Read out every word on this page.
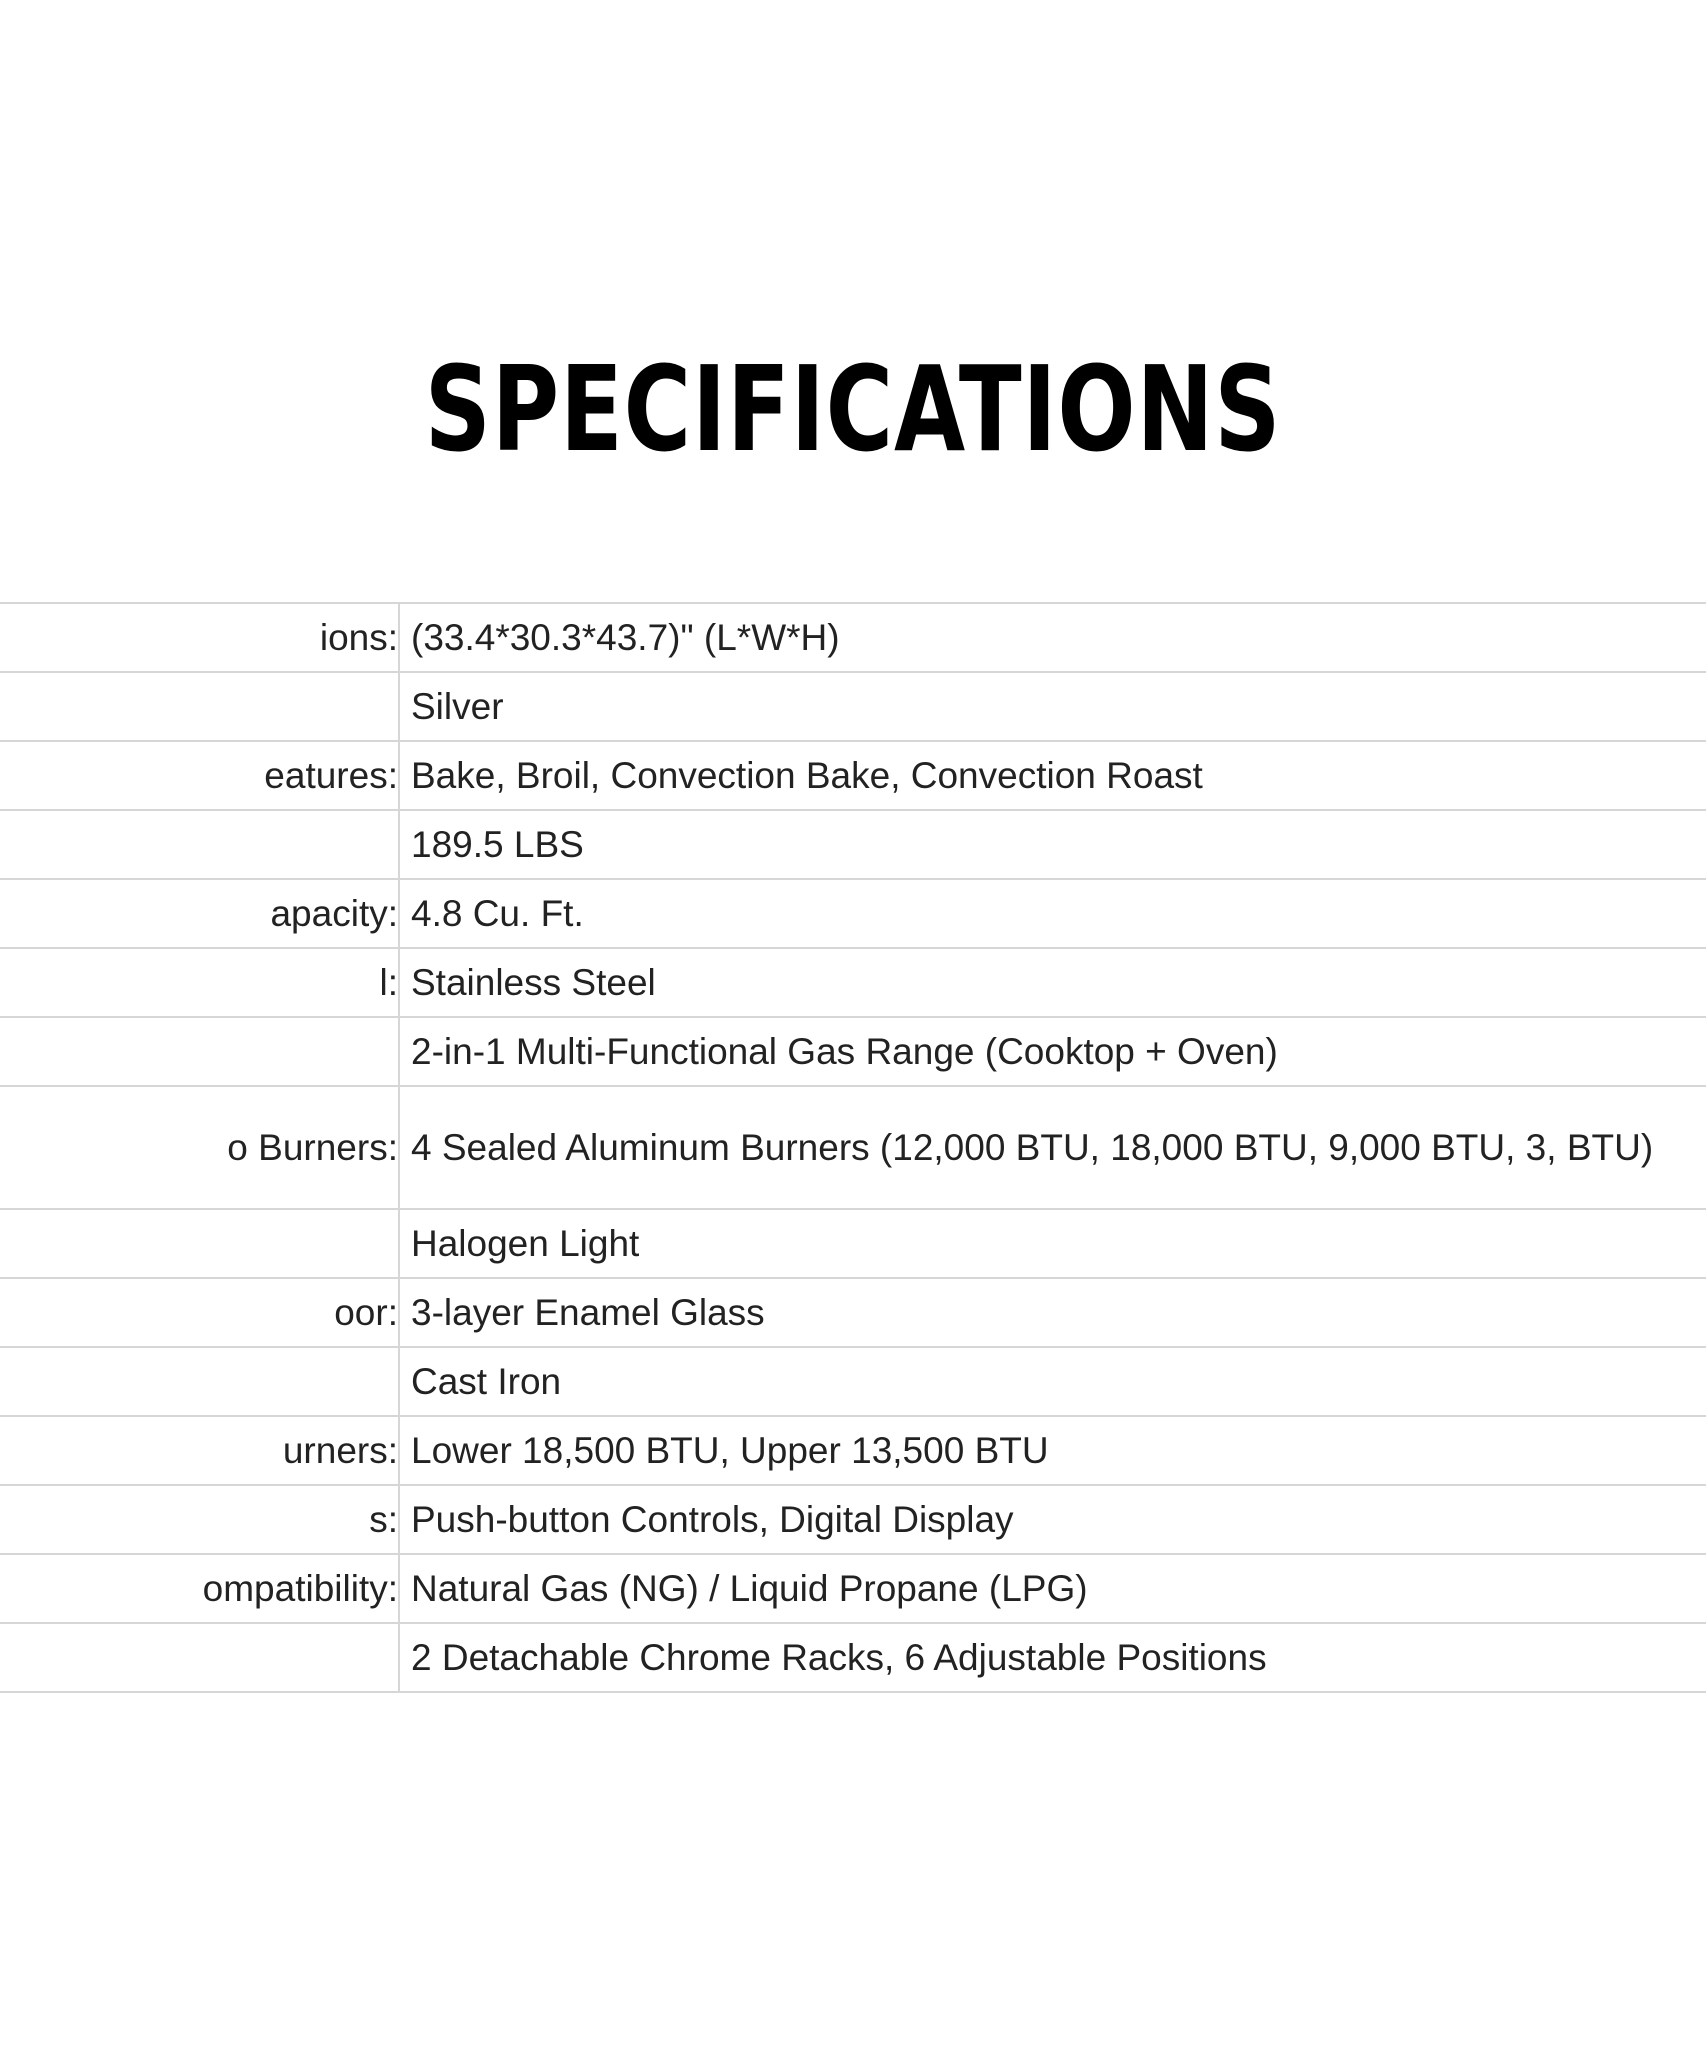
SPECIFICATIONS
ions: (33.4*30.3*43.7)" (L*W*H)
Silver
eatures: Bake, Broil, Convection Bake, Convection Roast
189.5 LBS
apacity: 4.8 Cu. Ft.
l: Stainless Steel
2-in-1 Multi-Functional Gas Range (Cooktop + Oven)
o Burners: 4 Sealed Aluminum Burners (12,000 BTU, 18,000 BTU, 9,000 BTU, 3, BTU)
Halogen Light
oor: 3-layer Enamel Glass
Cast Iron
urners: Lower 18,500 BTU, Upper 13,500 BTU
s: Push-button Controls, Digital Display
ompatibility: Natural Gas (NG) / Liquid Propane (LPG)
2 Detachable Chrome Racks, 6 Adjustable Positions
